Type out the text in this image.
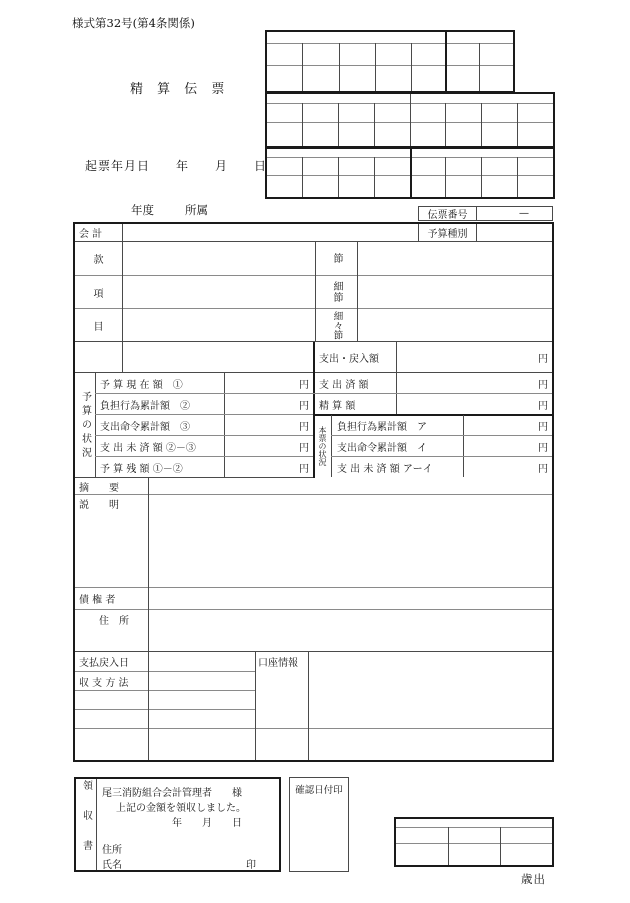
様式第32号(第4条関係)
精 算 伝 票
起票年月日　　年　　月　　日
年度	所属	伝票番号	—
会 計	予算種別
款	節
項	細節
目	細々節
支出・戻入額	円
予算の状況
予 算 現 在 額　①	円
負担行為累計額　②	円
支出命令累計額　③	円
支 出 未 済 額 ②－③	円
予 算 残 額 ①－②	円
支 出 済 額	円
精 算 額	円
本票の状況	負担行為累計額　ア	円
支出命令累計額　イ	円
支 出 未 済 額 アーイ	円
摘　　要
説　　明
債 権 者
住　所
支払戻入日
収 支 方 法
口座情報
領収書	尾三消防組合会計管理者　　様
上記の金額を領収しました。
年　　月　　日
住所
氏名	印
確認日付印
歳出
